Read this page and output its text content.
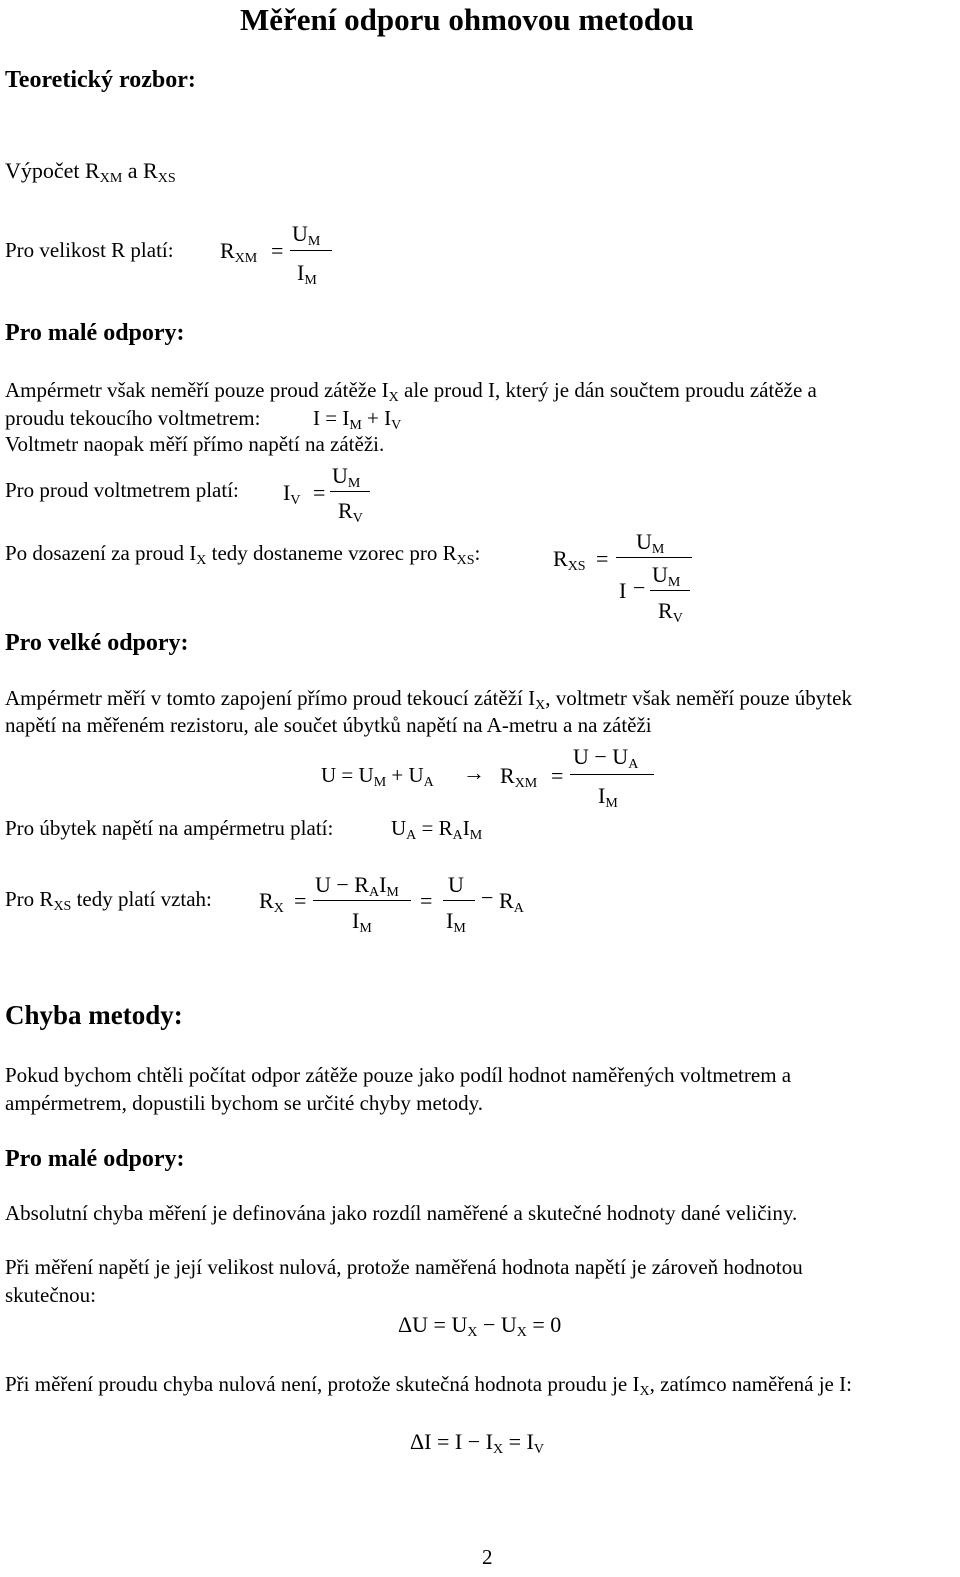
Měření odporu ohmovou metodou
Teoretický rozbor:
Výpočet $R_{XM}$ a $R_{XS}$
Pro velikost R platí: $R_{XM}$ =
$U_M$
$I_M$
Pro malé odpory:
Ampérmetr však neměří pouze proud zátěže $I_X$ ale proud I, který je dán součtem proudu zátěže a
proudu tekoucího voltmetrem:	$I = I_M + I_V$
Voltmetr naopak měří přímo napětí na zátěži.
Pro proud voltmetrem platí: $I_V$ =
$U_M$
$R_V$
Po dosazení za proud $I_X$ tedy dostaneme vzorec pro $R_{XS}$:	$R_{XS}$ =
$U_M$
I −
$U_M$
$R_V$
Pro velké odpory:
Ampérmetr měří v tomto zapojení přímo proud tekoucí zátěží $I_X$, voltmetr však neměří pouze úbytek
napětí na měřeném rezistoru, ale součet úbytků napětí na A-metru a na zátěži
$U = U_M + U_A \to R_{XM}$ =
$U - U_A$
$I_M$
Pro úbytek napětí na ampérmetru platí:	$U_A = R_AI_M$
Pro $R_{XS}$ tedy platí vztah: $R_X$ =
$U - R_AI_M$
$I_M$
=
U
$I_M$
− $R_A$
Chyba metody:
Pokud bychom chtěli počítat odpor zátěže pouze jako podíl hodnot naměřených voltmetrem a
ampérmetrem, dopustili bychom se určité chyby metody.
Pro malé odpory:
Absolutní chyba měření je definována jako rozdíl naměřené a skutečné hodnoty dané veličiny.
Při měření napětí je její velikost nulová, protože naměřená hodnota napětí je zároveň hodnotou
skutečnou:
$\Delta U = U_X - U_X = 0$
Při měření proudu chyba nulová není, protože skutečná hodnota proudu je $I_X$, zatímco naměřená je I:
$\Delta I = I - I_X = I_V$
2
